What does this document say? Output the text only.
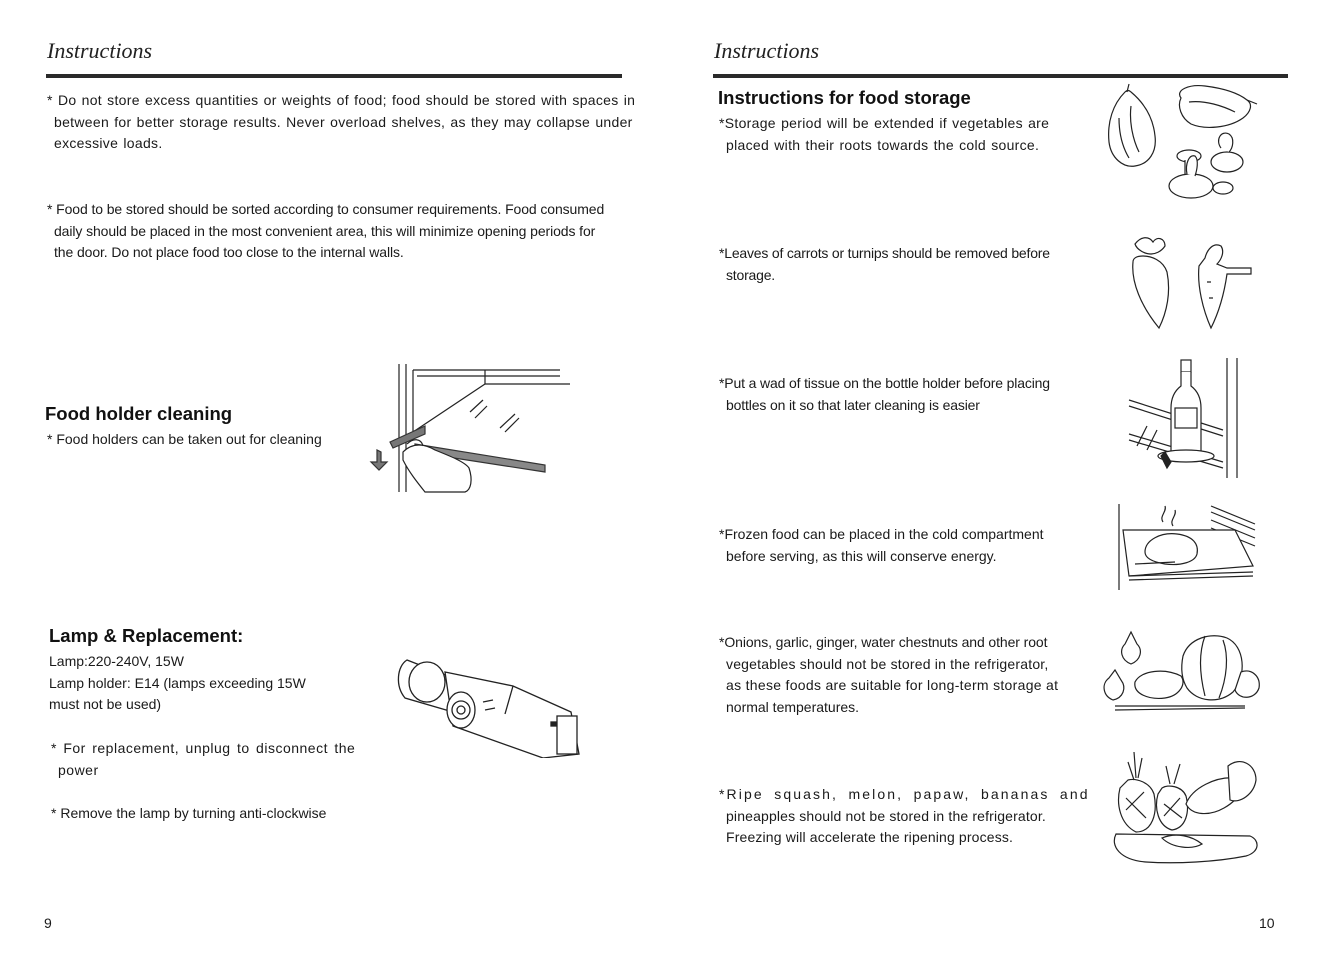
Instructions

* Do not store excess quantities or weights of food; food should be stored with spaces in
between for better storage results. Never overload shelves, as they may collapse under
excessive loads.

* Food to be stored should be sorted according to consumer requirements. Food consumed
daily should be placed in the most convenient area, this will minimize opening periods for
the door. Do not place food too close to the internal walls.

Food holder cleaning

* Food holders can be taken out for cleaning

Lamp & Replacement:

Lamp:220-240V, 15W
Lamp holder: E14 (lamps exceeding 15W
must not be used)

* For replacement, unplug to disconnect the
power

* Remove the lamp by turning anti-clockwise

9
Instructions
Instructions for food storage

*Storage period will be extended if vegetables are
placed with their roots towards the cold source.

*Leaves of carrots or turnips should be removed before
storage.

*Put a wad of tissue on the bottle holder before placing
bottles on it so that later cleaning is easier

*Frozen food can be placed in the cold compartment
before serving, as this will conserve energy.

*Onions, garlic, ginger, water chestnuts and other root
vegetables should not be stored in the refrigerator,
as these foods are suitable for long-term storage at
normal temperatures.

*Ripe squash, melon, papaw, bananas and

pineapples should not be stored in the refrigerator.
Freezing will accelerate the ripening process.

10
